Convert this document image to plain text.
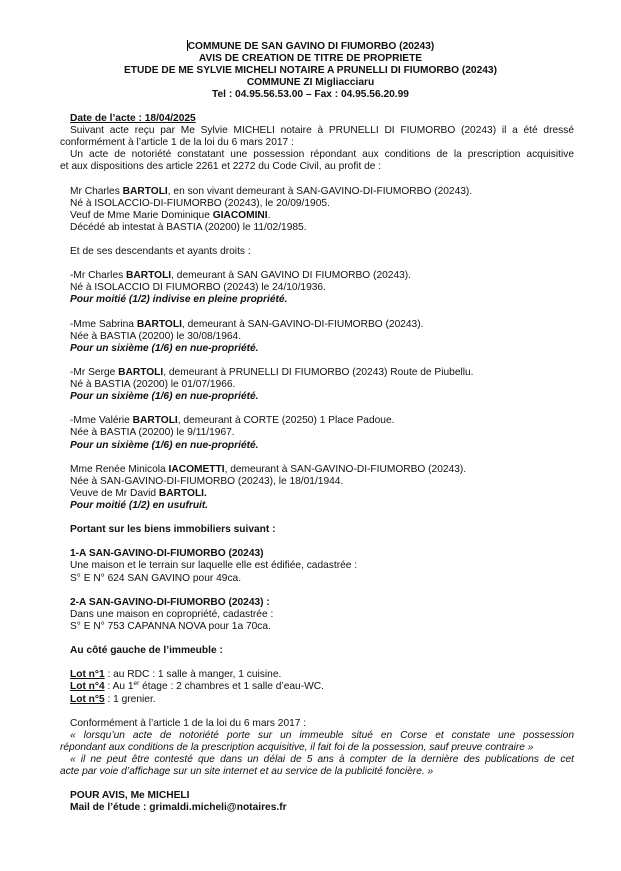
COMMUNE DE SAN GAVINO DI FIUMORBO (20243)
AVIS DE CREATION DE TITRE DE PROPRIETE
ETUDE DE ME SYLVIE MICHELI NOTAIRE A PRUNELLI DI FIUMORBO (20243)
COMMUNE ZI Migliacciaru
Tel : 04.95.56.53.00 – Fax : 04.95.56.20.99

Date de l’acte : 18/04/2025

Suivant acte reçu par Me Sylvie MICHELI notaire à PRUNELLI DI FIUMORBO (20243) il a été dressé

conformément à l’article 1 de la loi du 6 mars 2017 :

Un acte de notoriété constatant une possession répondant aux conditions de la prescription acquisitive

et aux dispositions des article 2261 et 2272 du Code Civil, au profit de :

Mr Charles BARTOLI, en son vivant demeurant à SAN-GAVINO-DI-FIUMORBO (20243).

Né à ISOLACCIO-DI-FIUMORBO (20243), le 20/09/1905.

Veuf de Mme Marie Dominique GIACOMINI.

Décédé ab intestat à BASTIA (20200) le 11/02/1985.

Et de ses descendants et ayants droits :

-Mr Charles BARTOLI, demeurant à SAN GAVINO DI FIUMORBO (20243).

Né à ISOLACCIO DI FIUMORBO (20243) le 24/10/1936.

Pour moitié (1/2) indivise en pleine propriété.

-Mme Sabrina BARTOLI, demeurant à SAN-GAVINO-DI-FIUMORBO (20243).

Née à BASTIA (20200) le 30/08/1964.

Pour un sixième (1/6) en nue-propriété.

-Mr Serge BARTOLI, demeurant à PRUNELLI DI FIUMORBO (20243) Route de Piubellu.

Né à BASTIA (20200) le 01/07/1966.

Pour un sixième (1/6) en nue-propriété.

-Mme Valérie BARTOLI, demeurant à CORTE (20250) 1 Place Padoue.

Née à BASTIA (20200) le 9/11/1967.

Pour un sixième (1/6) en nue-propriété.

Mme Renée Minicola IACOMETTI, demeurant à SAN-GAVINO-DI-FIUMORBO (20243).

Née à SAN-GAVINO-DI-FIUMORBO (20243), le 18/01/1944.

Veuve de Mr David BARTOLI.

Pour moitié (1/2) en usufruit.

Portant sur les biens immobiliers suivant :

1-A SAN-GAVINO-DI-FIUMORBO (20243)

Une maison et le terrain sur laquelle elle est édifiée, cadastrée :

S° E N° 624 SAN GAVINO pour 49ca.

2-A SAN-GAVINO-DI-FIUMORBO (20243) :

Dans une maison en copropriété, cadastrée :

S° E N° 753 CAPANNA NOVA pour 1a 70ca.

Au côté gauche de l’immeuble :

Lot n°1 : au RDC : 1 salle à manger, 1 cuisine.

Lot n°4 : Au 1er étage : 2 chambres et 1 salle d’eau-WC.

Lot n°5 : 1 grenier.

Conformément à l’article 1 de la loi du 6 mars 2017 :

« lorsqu’un acte de notoriété porte sur un immeuble situé en Corse et constate une possession

répondant aux conditions de la prescription acquisitive, il fait foi de la possession, sauf preuve contraire »

« il ne peut être contesté que dans un délai de 5 ans à compter de la dernière des publications de cet

acte par voie d’affichage sur un site internet et au service de la publicité foncière. »

POUR AVIS, Me MICHELI

Mail de l’étude : grimaldi.micheli@notaires.fr
